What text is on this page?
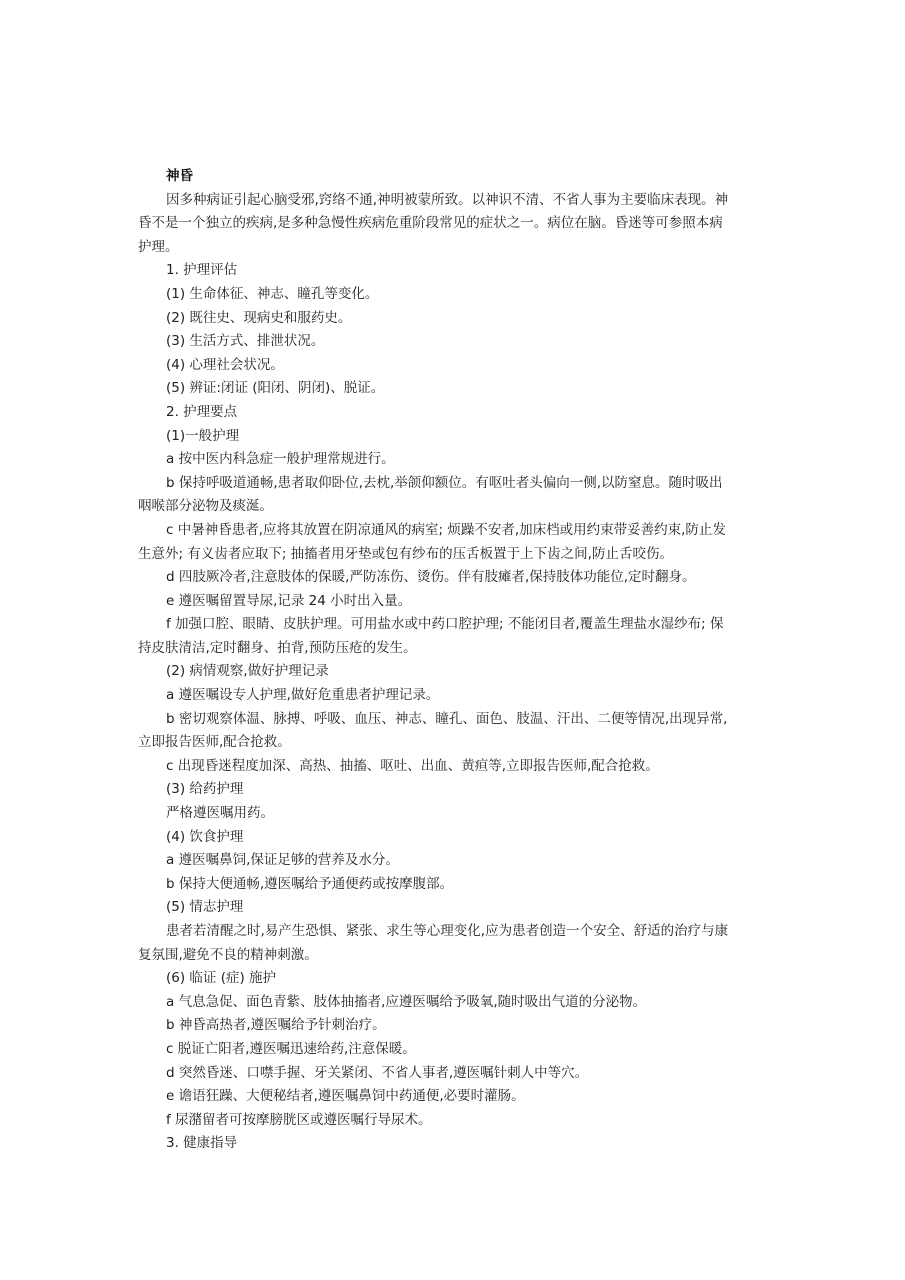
神昏
因多种病证引起心脑受邪,窍络不通,神明被蒙所致。以神识不清、不省人事为主要临床表现。神
昏不是一个独立的疾病,是多种急慢性疾病危重阶段常见的症状之一。病位在脑。昏迷等可参照本病
护理。
1. 护理评估
(1) 生命体征、神志、瞳孔等变化。
(2) 既往史、现病史和服药史。
(3) 生活方式、排泄状况。
(4) 心理社会状况。
(5) 辨证:闭证 (阳闭、阴闭)、脱证。
2. 护理要点
(1)一般护理
a 按中医内科急症一般护理常规进行。
b 保持呼吸道通畅,患者取仰卧位,去枕,举颌仰额位。有呕吐者头偏向一侧,以防窒息。随时吸出
咽喉部分泌物及痰涎。
c 中暑神昏患者,应将其放置在阴凉通风的病室; 烦躁不安者,加床档或用约束带妥善约束,防止发
生意外; 有义齿者应取下; 抽搐者用牙垫或包有纱布的压舌板置于上下齿之间,防止舌咬伤。
d 四肢厥冷者,注意肢体的保暖,严防冻伤、烫伤。伴有肢瘫者,保持肢体功能位,定时翻身。
e 遵医嘱留置导尿,记录 24 小时出入量。
f 加强口腔、眼睛、皮肤护理。可用盐水或中药口腔护理; 不能闭目者,覆盖生理盐水湿纱布; 保
持皮肤清洁,定时翻身、拍背,预防压疮的发生。
(2) 病情观察,做好护理记录
a 遵医嘱设专人护理,做好危重患者护理记录。
b 密切观察体温、脉搏、呼吸、血压、神志、瞳孔、面色、肢温、汗出、二便等情况,出现异常,
立即报告医师,配合抢救。
c 出现昏迷程度加深、高热、抽搐、呕吐、出血、黄疸等,立即报告医师,配合抢救。
(3) 给药护理
严格遵医嘱用药。
(4) 饮食护理
a 遵医嘱鼻饲,保证足够的营养及水分。
b 保持大便通畅,遵医嘱给予通便药或按摩腹部。
(5) 情志护理
患者若清醒之时,易产生恐惧、紧张、求生等心理变化,应为患者创造一个安全、舒适的治疗与康
复氛围,避免不良的精神刺激。
(6) 临证 (症) 施护
a 气息急促、面色青紫、肢体抽搐者,应遵医嘱给予吸氧,随时吸出气道的分泌物。
b 神昏高热者,遵医嘱给予针刺治疗。
c 脱证亡阳者,遵医嘱迅速给药,注意保暖。
d 突然昏迷、口噤手握、牙关紧闭、不省人事者,遵医嘱针刺人中等穴。
e 谵语狂躁、大便秘结者,遵医嘱鼻饲中药通便,必要时灌肠。
f 尿潴留者可按摩膀胱区或遵医嘱行导尿术。
3. 健康指导
